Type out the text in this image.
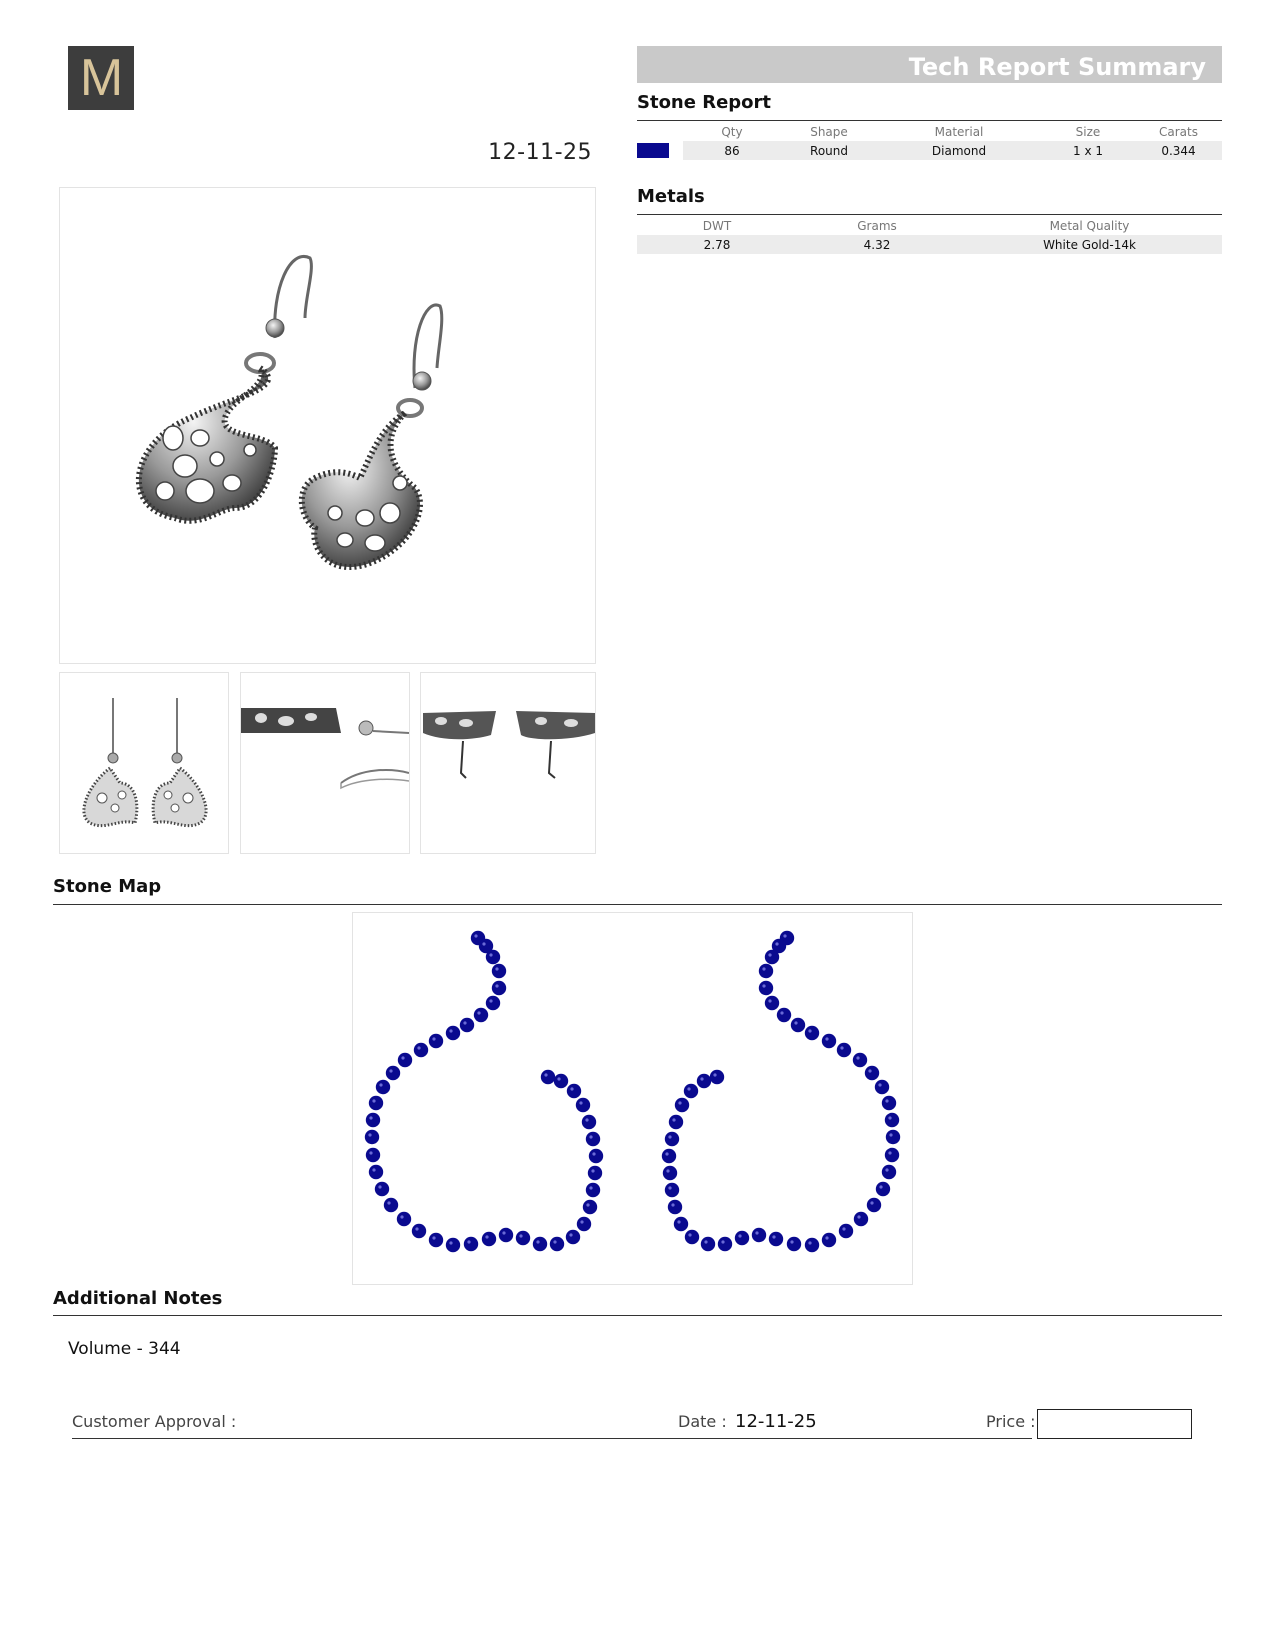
M
12-11-25
Tech Report Summary
Stone Report
	Qty	Shape	Material	Size	Carats
	86	Round	Diamond	1 x 1	0.344
Metals
DWT	Grams	Metal Quality
2.78	4.32	White Gold-14k
Stone Map
Additional Notes
Volume - 344
Customer Approval :	Date : 12-11-25	Price :
